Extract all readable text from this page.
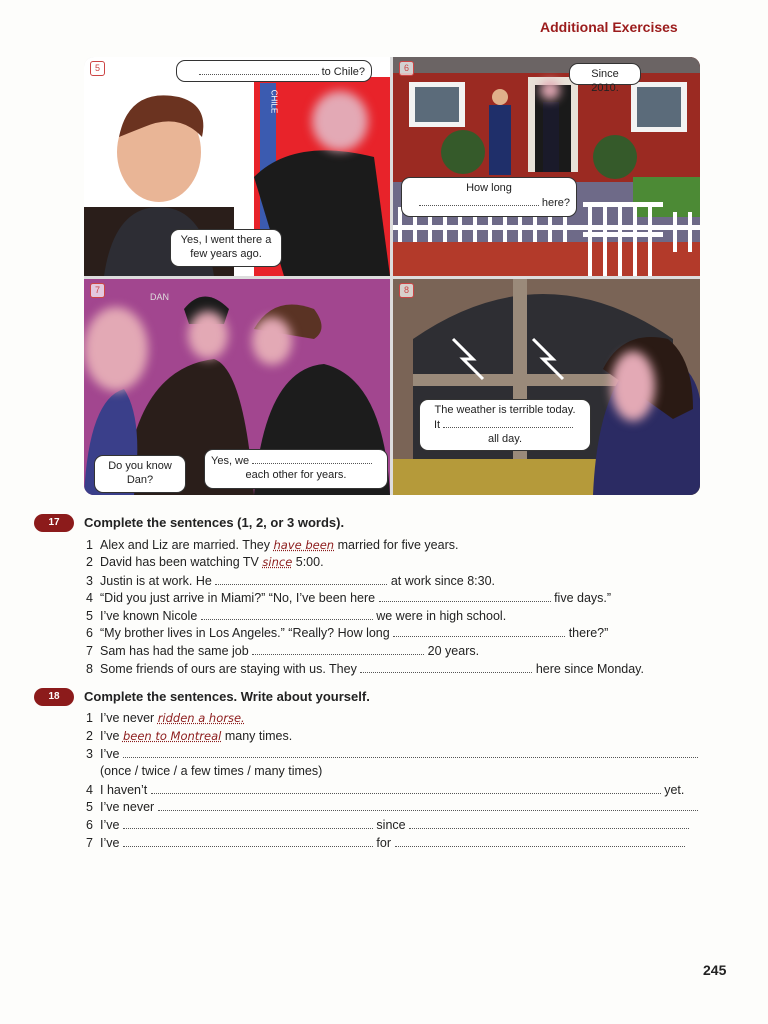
Additional Exercises
5
CHILE
to Chile?
Yes, I went there a few years ago.
6	Since 2010.
How long
here?
7
DAN
Do you know Dan?
Yes, we
each other for years.
8
The weather is terrible today.
It
all day.
17	Complete the sentences (1, 2, or 3 words).
1 Alex and Liz are married. They have been married for five years.
2 David has been watching TV since 5:00.
3 Justin is at work. He	at work since 8:30.
4 “Did you just arrive in Miami?” “No, I’ve been here	five days.”
5 I’ve known Nicole	we were in high school.
6 “My brother lives in Los Angeles.” “Really? How long	there?”
7 Sam has had the same job	20 years.
8 Some friends of ours are staying with us. They	here since Monday.
18	Complete the sentences. Write about yourself.
1 I’ve never ridden a horse.
2 I’ve been to Montreal many times.
3 I’ve
(once / twice / a few times / many times)
4 I haven’t	yet.
5 I’ve never
6 I’ve	since
7 I’ve	for
245
